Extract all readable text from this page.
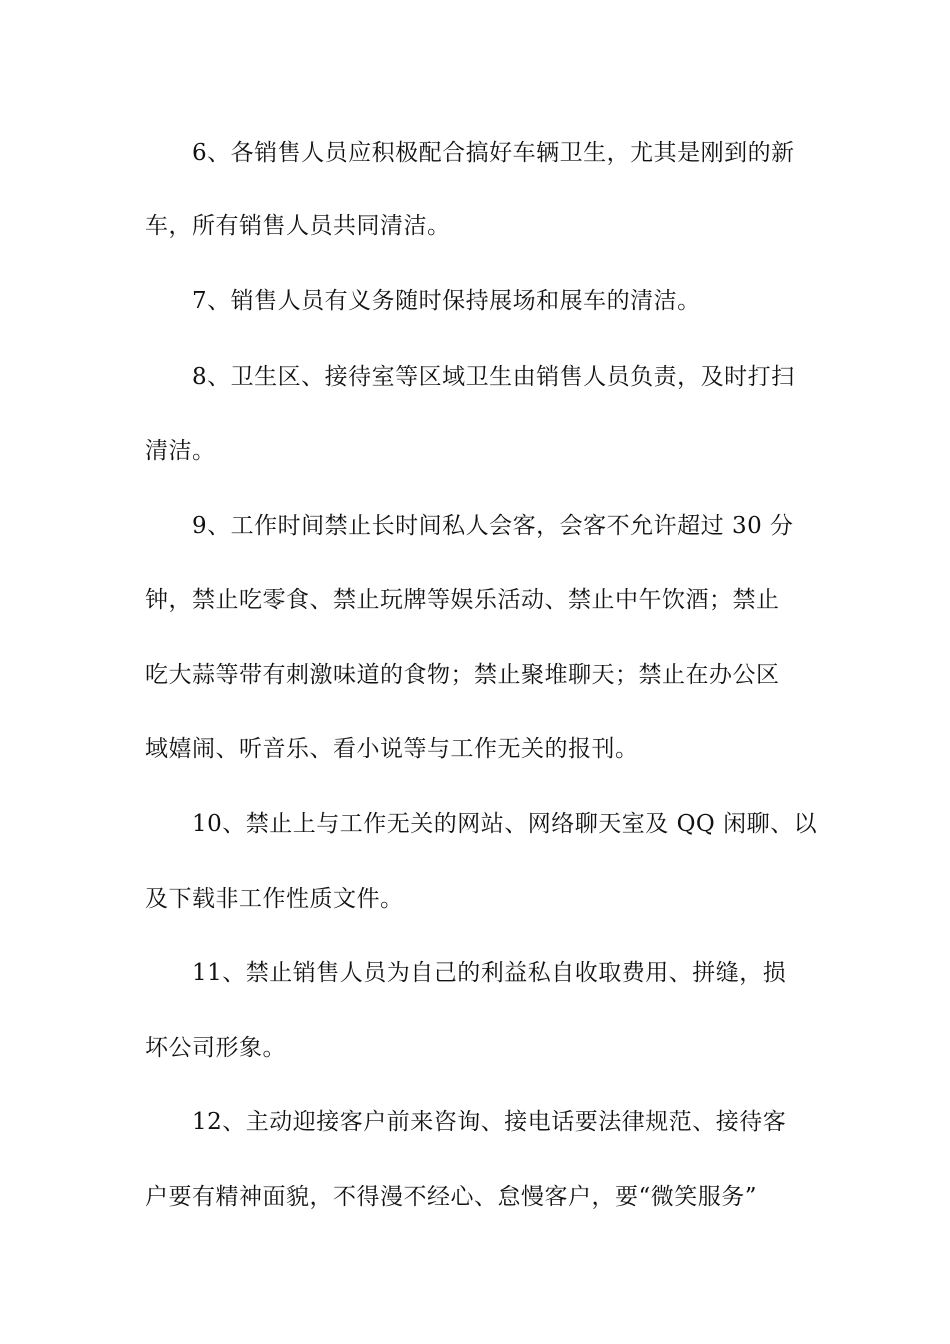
6、各销售人员应积极配合搞好车辆卫生，尤其是刚到的新
车，所有销售人员共同清洁。
7、销售人员有义务随时保持展场和展车的清洁。
8、卫生区、接待室等区域卫生由销售人员负责，及时打扫
清洁。
9、工作时间禁止长时间私人会客，会客不允许超过 30 分
钟，禁止吃零食、禁止玩牌等娱乐活动、禁止中午饮酒；禁止
吃大蒜等带有刺激味道的食物；禁止聚堆聊天；禁止在办公区
域嬉闹、听音乐、看小说等与工作无关的报刊。
10、禁止上与工作无关的网站、网络聊天室及 QQ 闲聊、以
及下载非工作性质文件。
11、禁止销售人员为自己的利益私自收取费用、拼缝，损
坏公司形象。
12、主动迎接客户前来咨询、接电话要法律规范、接待客
户要有精神面貌，不得漫不经心、怠慢客户，要“微笑服务”
